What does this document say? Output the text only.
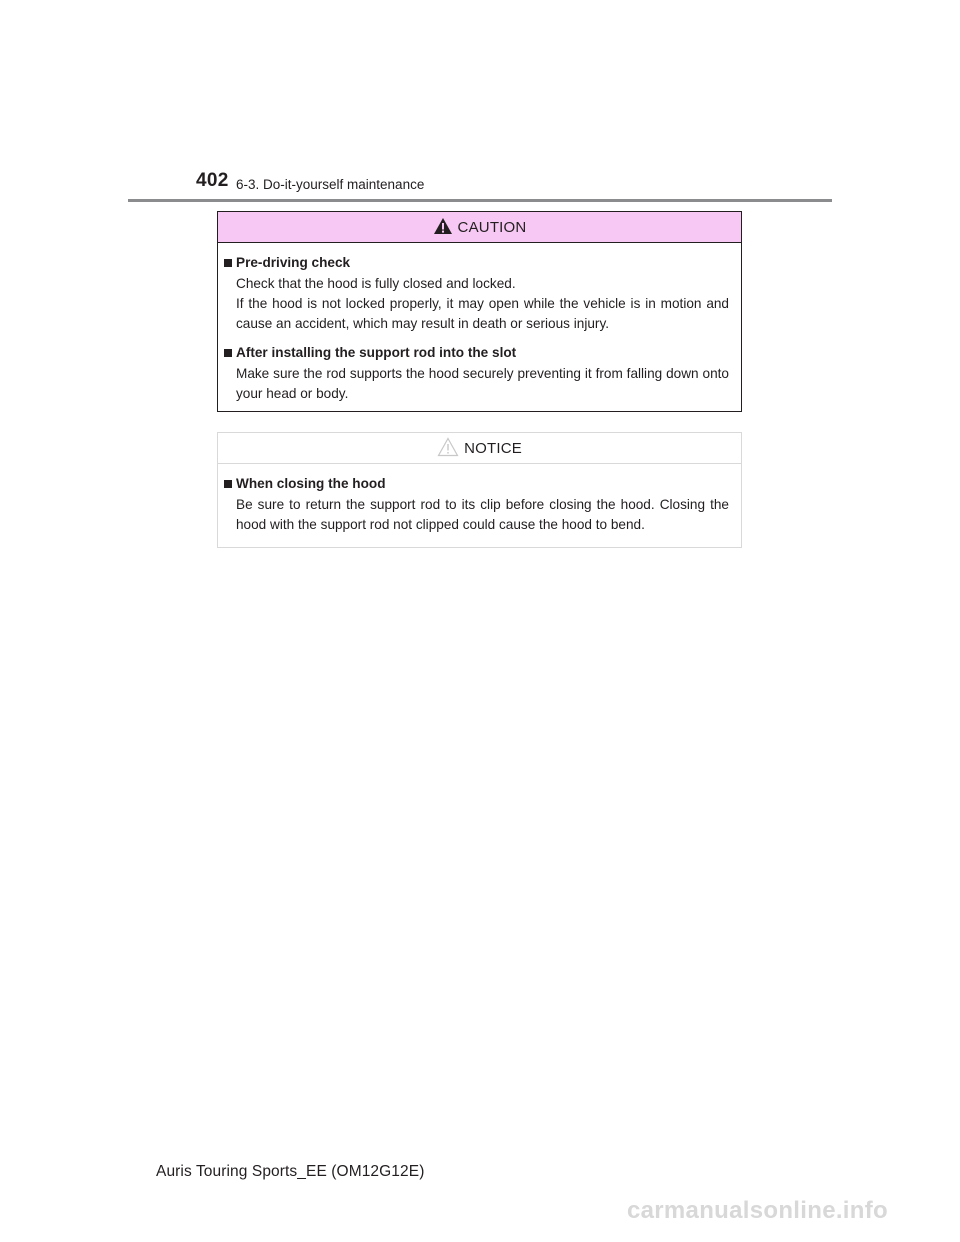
402 6-3. Do-it-yourself maintenance
CAUTION
Pre-driving check

Check that the hood is fully closed and locked.

If the hood is not locked properly, it may open while the vehicle is in motion and cause an accident, which may result in death or serious injury.

After installing the support rod into the slot

Make sure the rod supports the hood securely preventing it from falling down onto your head or body.

NOTICE
When closing the hood

Be sure to return the support rod to its clip before closing the hood. Closing the hood with the support rod not clipped could cause the hood to bend.

Auris Touring Sports_EE (OM12G12E)
carmanualsonline.info
